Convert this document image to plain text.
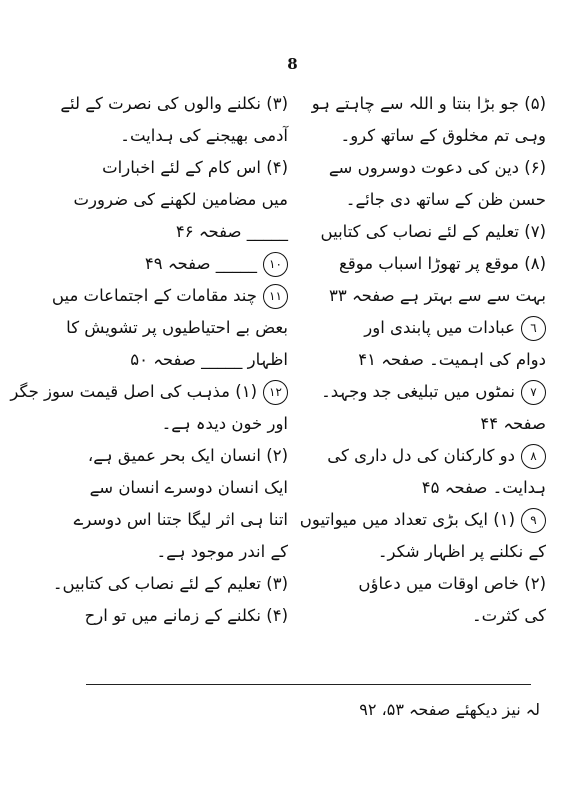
8
(۵) جو بڑا بنتا و اللہ سے چاہتے ہو
وہی تم مخلوق کے ساتھ کرو۔
(۶) دین کی دعوت دوسروں سے
حسن ظن کے ساتھ دی جائے۔
(۷) تعلیم کے لئے نصاب کی کتابیں
(۸) موقع پر تھوڑا اسباب موقع
بہت سے سے بہتر ہے صفحہ ۳۳
٦
عبادات میں پابندی اور
دوام کی اہمیت۔ صفحہ ۴۱
٧
نمٹوں میں تبلیغی جد وجہد۔
صفحہ ۴۴
٨
دو کارکنان کی دل داری کی
ہدایت۔ صفحہ ۴۵
٩
(۱) ایک بڑی تعداد میں میواتیوں
کے نکلنے پر اظہار شکر۔
(۲) خاص اوقات میں دعاؤں
کی کثرت۔
(۳) نکلنے والوں کی نصرت کے لئے
آدمی بھیجنے کی ہدایت۔
(۴) اس کام کے لئے اخبارات
میں مضامین لکھنے کی ضرورت
_____ صفحہ ۴۶
١٠
_____ صفحہ ۴۹
١١
چند مقامات کے اجتماعات میں
بعض بے احتیاطیوں پر تشویش کا
اظہار _____ صفحہ ۵۰
١٢
(۱) مذہب کی اصل قیمت سوز جگر
اور خون دیدہ ہے۔
(۲) انسان ایک بحر عمیق ہے،
ایک انسان دوسرے انسان سے
اتنا ہی اثر لیگا جتنا اس دوسرے
کے اندر موجود ہے۔
(۳) تعلیم کے لئے نصاب کی کتابیں۔
(۴) نکلنے کے زمانے میں تو ارح
لہ نیز دیکھئے صفحہ ۵۳، ۹۲
